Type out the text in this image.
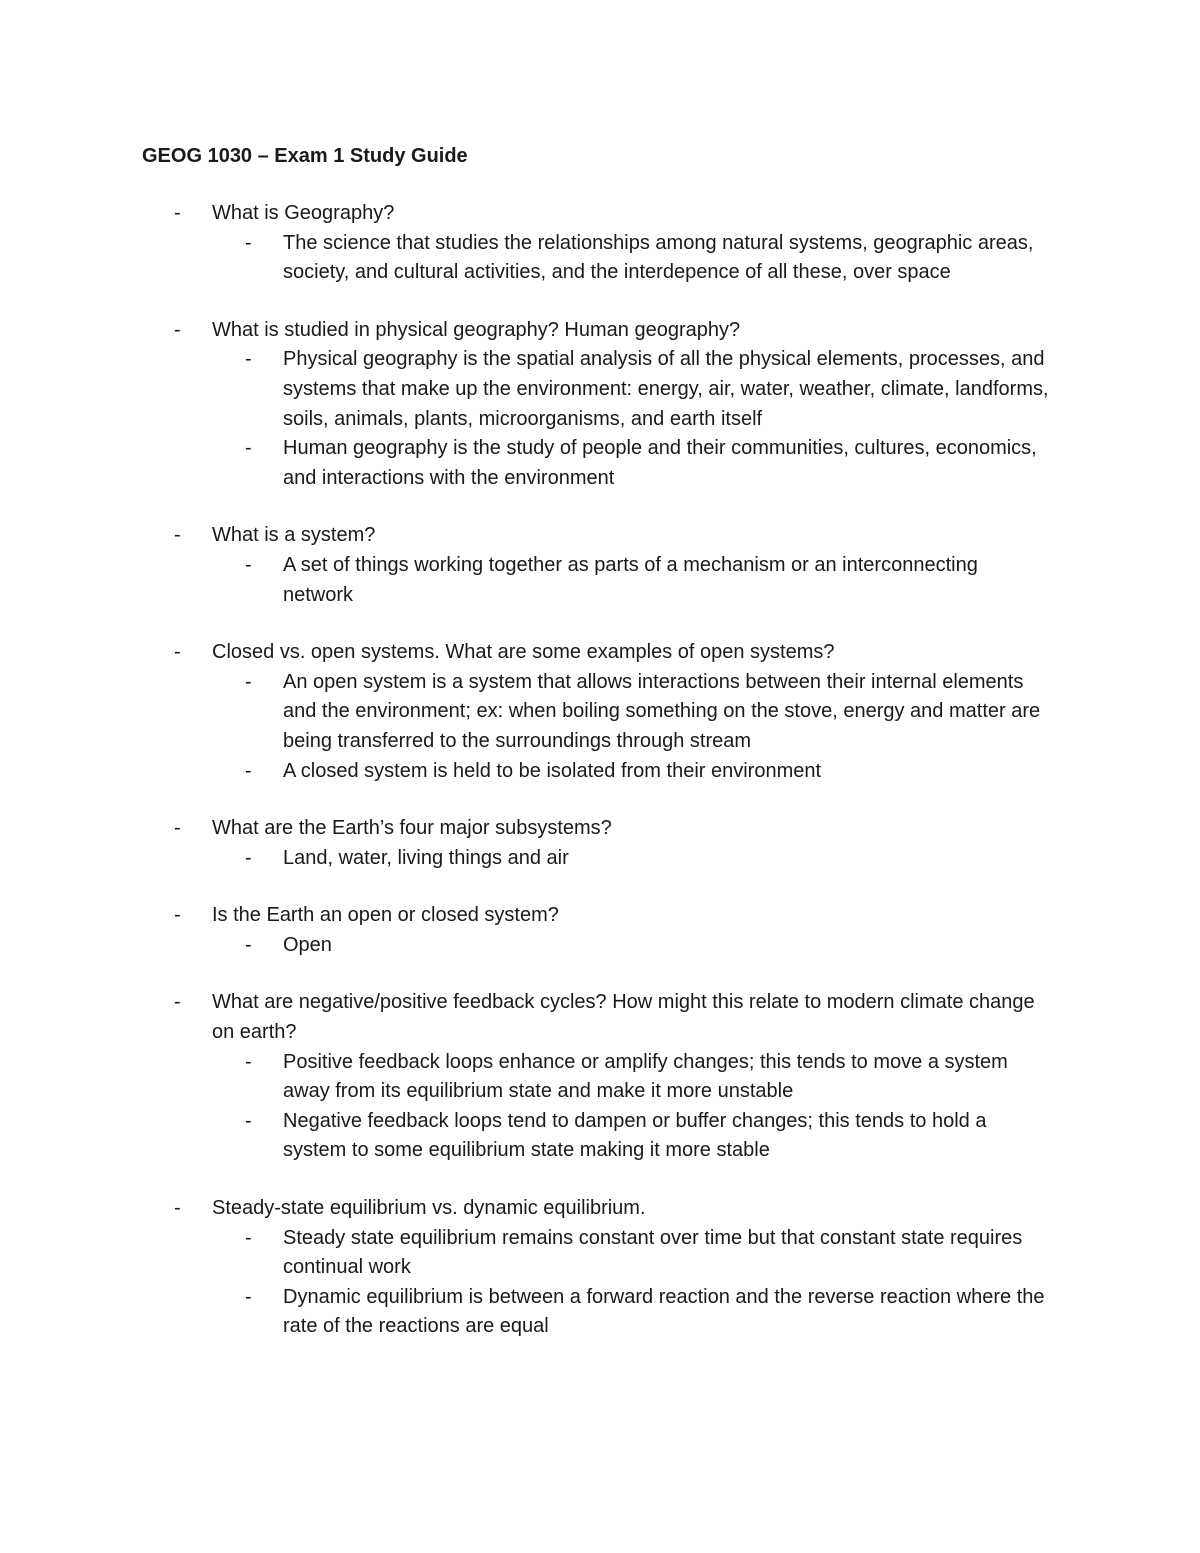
GEOG 1030 – Exam 1 Study Guide
- What is Geography?
- The science that studies the relationships among natural systems, geographic areas, society, and cultural activities, and the interdepence of all these, over space
- What is studied in physical geography? Human geography?
- Physical geography is the spatial analysis of all the physical elements, processes, and systems that make up the environment: energy, air, water, weather, climate, landforms, soils, animals, plants, microorganisms, and earth itself
- Human geography is the study of people and their communities, cultures, economics, and interactions with the environment
- What is a system?
- A set of things working together as parts of a mechanism or an interconnecting network
- Closed vs. open systems. What are some examples of open systems?
- An open system is a system that allows interactions between their internal elements and the environment; ex: when boiling something on the stove, energy and matter are being transferred to the surroundings through stream
- A closed system is held to be isolated from their environment
- What are the Earth’s four major subsystems?
- Land, water, living things and air
- Is the Earth an open or closed system?
- Open
- What are negative/positive feedback cycles? How might this relate to modern climate change on earth?
- Positive feedback loops enhance or amplify changes; this tends to move a system away from its equilibrium state and make it more unstable
- Negative feedback loops tend to dampen or buffer changes; this tends to hold a system to some equilibrium state making it more stable
- Steady-state equilibrium vs. dynamic equilibrium.
- Steady state equilibrium remains constant over time but that constant state requires continual work
- Dynamic equilibrium is between a forward reaction and the reverse reaction where the rate of the reactions are equal
